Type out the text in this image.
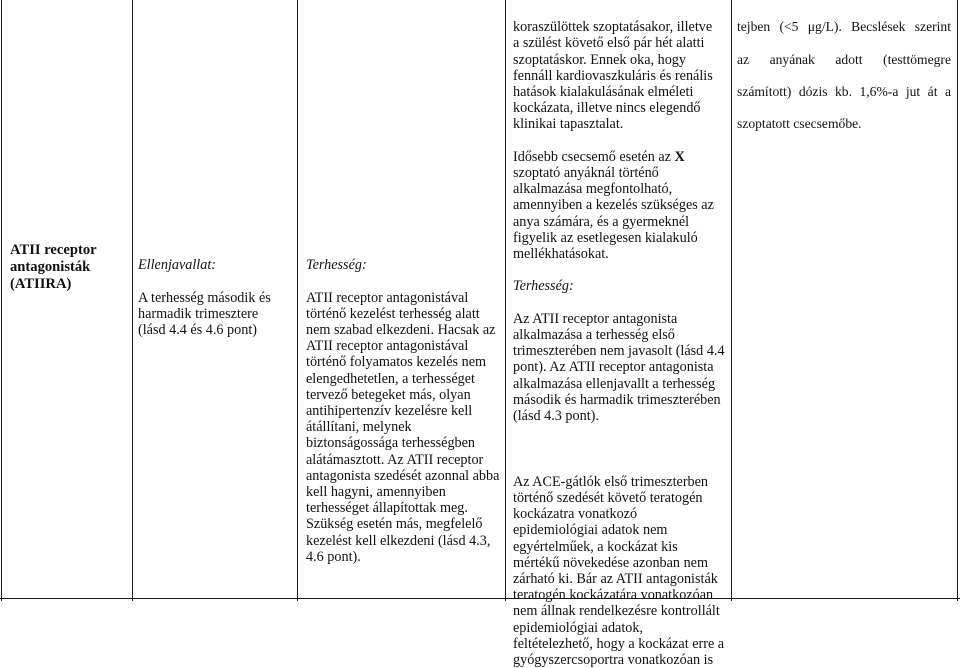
ATII receptor
antagonisták
(ATIIRA)

Ellenjavallat:

A terhesség második és
harmadik trimesztere
(lásd 4.4 és 4.6 pont)

Terhesség:

ATII receptor antagonistával
történő kezelést terhesség alatt
nem szabad elkezdeni. Hacsak az
ATII receptor antagonistával
történő folyamatos kezelés nem
elengedhetetlen, a terhességet
tervező betegeket más, olyan
antihipertenzív kezelésre kell
átállítani, melynek
biztonságossága terhességben
alátámasztott. Az ATII receptor
antagonista szedését azonnal abba
kell hagyni, amennyiben
terhességet állapítottak meg.
Szükség esetén más, megfelelő
kezelést kell elkezdeni (lásd 4.3,
4.6 pont).

koraszülöttek szoptatásakor, illetve
a szülést követő első pár hét alatti
szoptatáskor. Ennek oka, hogy
fennáll kardiovaszkuláris és renális
hatások kialakulásának elméleti
kockázata, illetve nincs elegendő
klinikai tapasztalat.

Idősebb csecsemő esetén az X
szoptató anyáknál történő
alkalmazása megfontolható,
amennyiben a kezelés szükséges az
anya számára, és a gyermeknél
figyelik az esetlegesen kialakuló
mellékhatásokat.

Terhesség:

Az ATII receptor antagonista
alkalmazása a terhesség első
trimeszterében nem javasolt (lásd 4.4
pont). Az ATII receptor antagonista
alkalmazása ellenjavallt a terhesség
második és harmadik trimeszterében
(lásd 4.3 pont).

Az ACE-gátlók első trimeszterben
történő szedését követő teratogén
kockázatra vonatkozó
epidemiológiai adatok nem
egyértelműek, a kockázat kis
mértékű növekedése azonban nem
zárható ki. Bár az ATII antagonisták
teratogén kockázatára vonatkozóan
nem állnak rendelkezésre kontrollált
epidemiológiai adatok,
feltételezhető, hogy a kockázat erre a
gyógyszercsoportra vonatkozóan is

tejben (<5 μg/L). Becslések szerint

az anyának adott (testtömegre

számított) dózis kb. 1,6%-a jut át a

szoptatott csecsemőbe.
